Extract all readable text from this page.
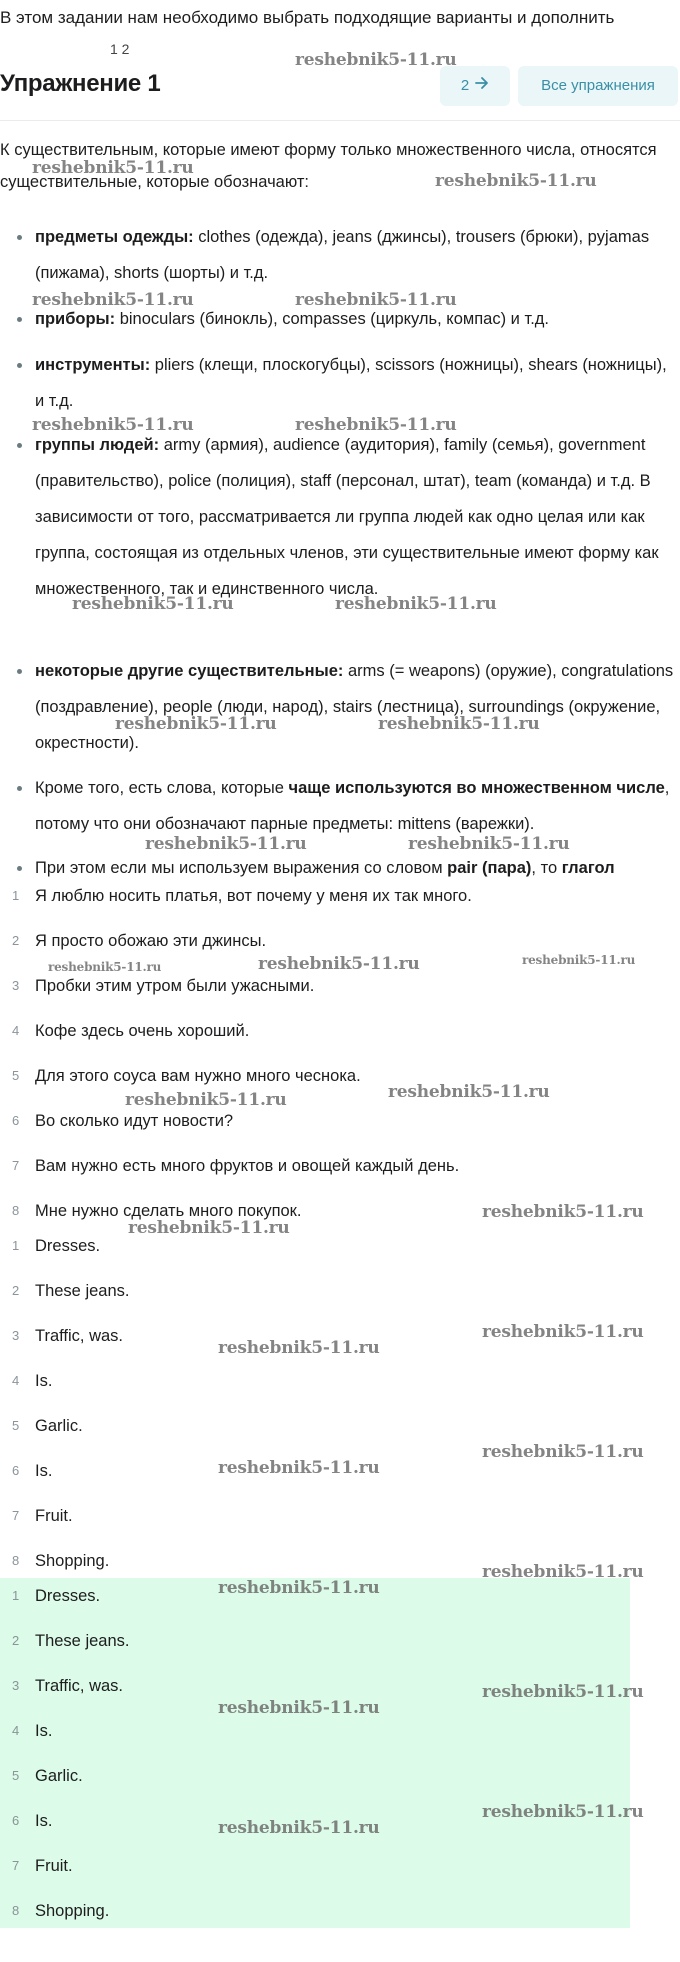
В этом задании нам необходимо выбрать подходящие варианты и дополнить
1 2
Упражнение 1	2	Все упражнения
К существительным, которые имеют форму только множественного числа, относятся существительные, которые обозначают:
предметы одежды: clothes (одежда), jeans (джинсы), trousers (брюки), pyjamas (пижама), shorts (шорты) и т.д.
приборы: binoculars (бинокль), compasses (циркуль, компас) и т.д.
инструменты: pliers (клещи, плоскогубцы), scissors (ножницы), shears (ножницы), и т.д.
группы людей: army (армия), audience (аудитория), family (семья), government (правительство), police (полиция), staff (персонал, штат), team (команда) и т.д. В зависимости от того, рассматривается ли группа людей как одно целая или как группа, состоящая из отдельных членов, эти существительные имеют форму как множественного, так и единственного числа.
некоторые другие существительные: arms (= weapons) (оружие), congratulations (поздравление), people (люди, народ), stairs (лестница), surroundings (окружение, окрестности).
Кроме того, есть слова, которые чаще используются во множественном числе, потому что они обозначают парные предметы: mittens (варежки).
При этом если мы используем выражения со словом pair (пара), то глагол
1 Я люблю носить платья, вот почему у меня их так много.
2 Я просто обожаю эти джинсы.
3 Пробки этим утром были ужасными.
4 Кофе здесь очень хороший.
5 Для этого соуса вам нужно много чеснока.
6 Во сколько идут новости?
7 Вам нужно есть много фруктов и овощей каждый день.
8 Мне нужно сделать много покупок.
1 Dresses.
2 These jeans.
3 Traffic, was.
4 Is.
5 Garlic.
6 Is.
7 Fruit.
8 Shopping.
1 Dresses.
2 These jeans.
3 Traffic, was.
4 Is.
5 Garlic.
6 Is.
7 Fruit.
8 Shopping.
reshebnik5-11.ru
reshebnik5-11.ru
reshebnik5-11.ru
reshebnik5-11.ru	reshebnik5-11.ru
reshebnik5-11.ru	reshebnik5-11.ru
reshebnik5-11.ru	reshebnik5-11.ru
reshebnik5-11.ru	reshebnik5-11.ru
reshebnik5-11.ru	reshebnik5-11.ru
reshebnik5-11.ru	reshebnik5-11.ru	reshebnik5-11.ru
reshebnik5-11.ru	reshebnik5-11.ru
reshebnik5-11.ru
reshebnik5-11.ru
reshebnik5-11.ru
reshebnik5-11.ru
reshebnik5-11.ru
reshebnik5-11.ru
reshebnik5-11.ru
reshebnik5-11.ru
reshebnik5-11.ru
reshebnik5-11.ru
reshebnik5-11.ru
reshebnik5-11.ru
